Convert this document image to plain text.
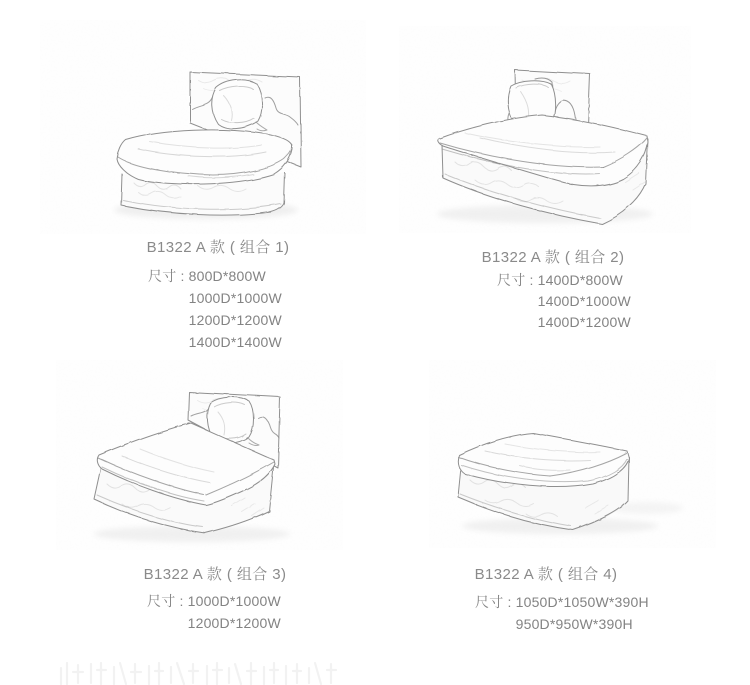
B1322 A 款 ( 组合 1)
尺寸 : 800D*800W
1000D*1000W
1200D*1200W
1400D*1400W
B1322 A 款 ( 组合 2)
尺寸 : 1400D*800W
1400D*1000W
1400D*1200W
B1322 A 款 ( 组合 3)
尺寸 : 1000D*1000W
1200D*1200W
B1322 A 款 ( 组合 4)
尺寸 : 1050D*1050W*390H
950D*950W*390H
